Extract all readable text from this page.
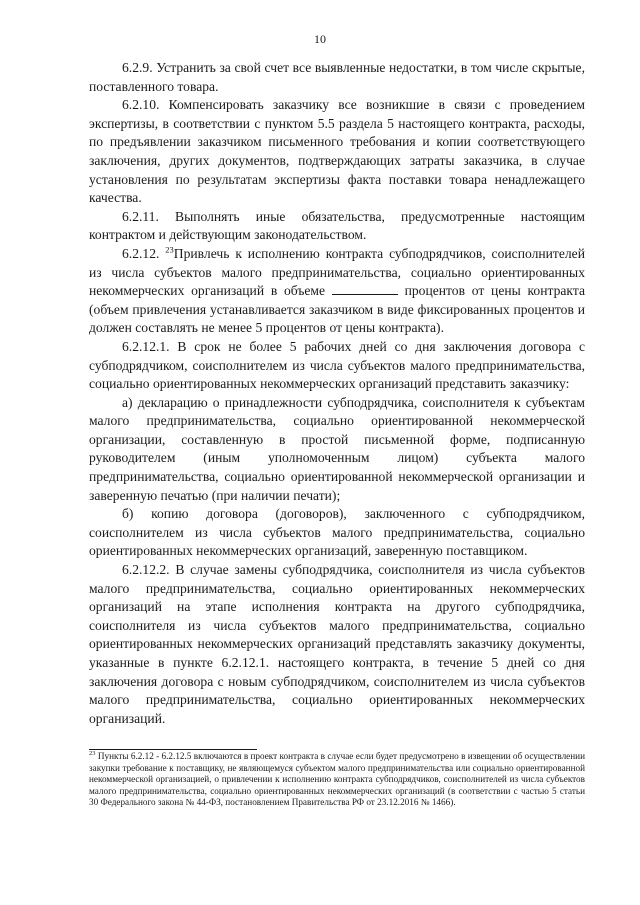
10

6.2.9. Устранить за свой счет все выявленные недостатки, в том числе скрытые, поставленного товара.

6.2.10. Компенсировать заказчику все возникшие в связи с проведением экспертизы, в соответствии с пунктом 5.5 раздела 5 настоящего контракта, расходы, по предъявлении заказчиком письменного требования и копии соответствующего заключения, других документов, подтверждающих затраты заказчика, в случае установления по результатам экспертизы факта поставки товара ненадлежащего качества.

6.2.11. Выполнять иные обязательства, предусмотренные настоящим контрактом и действующим законодательством.

6.2.12. $^{23}$Привлечь к исполнению контракта субподрядчиков, соисполнителей из числа субъектов малого предпринимательства, социально ориентированных некоммерческих организаций в объеме	процентов от цены контракта (объем привлечения устанавливается заказчиком в виде фиксированных процентов и должен составлять не менее 5 процентов от цены контракта).

6.2.12.1. В срок не более 5 рабочих дней со дня заключения договора с субподрядчиком, соисполнителем из числа субъектов малого предпринимательства, социально ориентированных некоммерческих организаций представить заказчику:

а) декларацию о принадлежности субподрядчика, соисполнителя к субъектам малого предпринимательства, социально ориентированной некоммерческой организации, составленную в простой письменной форме, подписанную руководителем (иным уполномоченным лицом) субъекта малого предпринимательства, социально ориентированной некоммерческой организации и заверенную печатью (при наличии печати);

б) копию договора (договоров), заключенного с субподрядчиком, соисполнителем из числа субъектов малого предпринимательства, социально ориентированных некоммерческих организаций, заверенную поставщиком.

6.2.12.2. В случае замены субподрядчика, соисполнителя из числа субъектов малого предпринимательства, социально ориентированных некоммерческих организаций на этапе исполнения контракта на другого субподрядчика, соисполнителя из числа субъектов малого предпринимательства, социально ориентированных некоммерческих организаций представлять заказчику документы, указанные в пункте 6.2.12.1. настоящего контракта, в течение 5 дней со дня заключения договора с новым субподрядчиком, соисполнителем из числа субъектов малого предпринимательства, социально ориентированных некоммерческих организаций.

$^{23}$ Пункты 6.2.12 - 6.2.12.5 включаются в проект контракта в случае если будет предусмотрено в извещении об осуществлении закупки требование к поставщику, не являющемуся субъектом малого предпринимательства или социально ориентированной некоммерческой организацией, о привлечении к исполнению контракта субподрядчиков, соисполнителей из числа субъектов малого предпринимательства, социально ориентированных некоммерческих организаций (в соответствии с частью 5 статьи 30 Федерального закона № 44-ФЗ, постановлением Правительства РФ от 23.12.2016 № 1466).
